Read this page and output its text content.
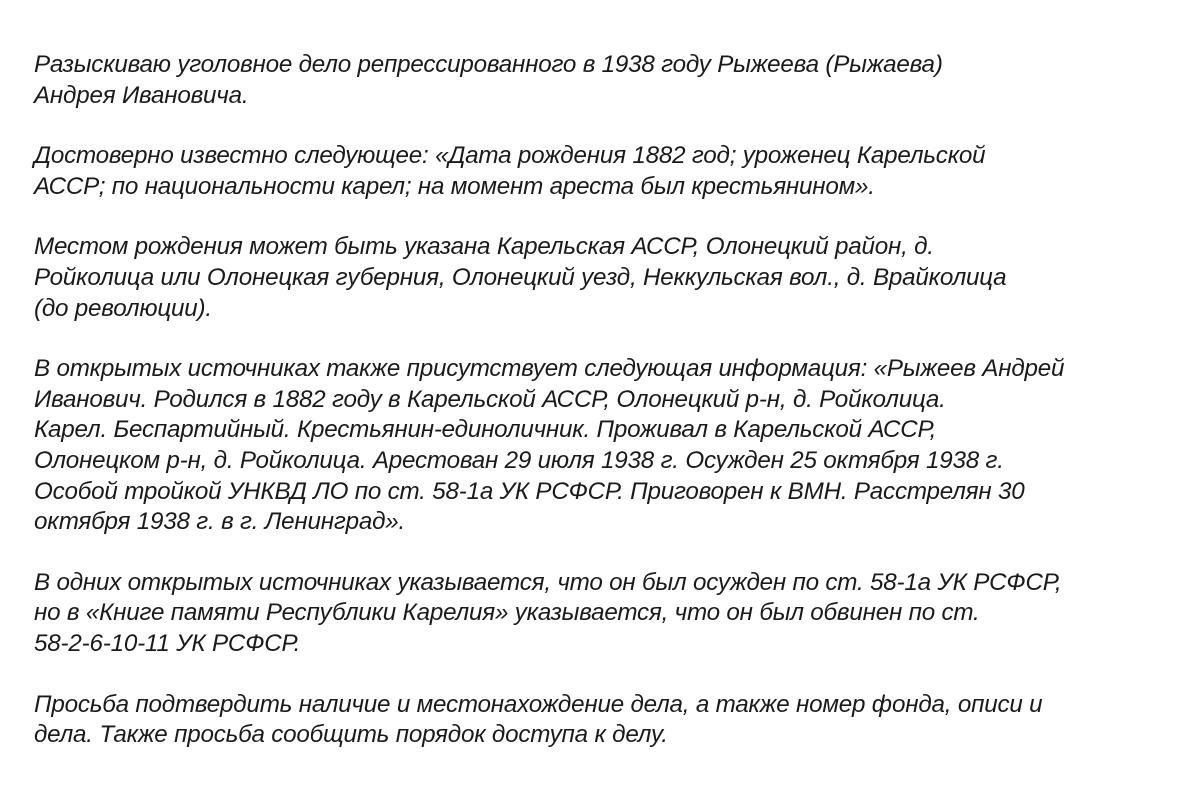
Разыскиваю уголовное дело репрессированного в 1938 году Рыжеева (Рыжаева)
Андрея Ивановича.

Достоверно известно следующее: «Дата рождения 1882 год; уроженец Карельской
АССР; по национальности карел; на момент ареста был крестьянином».

Местом рождения может быть указана Карельская АССР, Олонецкий район, д.
Ройколица или Олонецкая губерния, Олонецкий уезд, Неккульская вол., д. Врайколица
(до революции).

В открытых источниках также присутствует следующая информация: «Рыжеев Андрей
Иванович. Родился в 1882 году в Карельской АССР, Олонецкий р-н, д. Ройколица.
Карел. Беспартийный. Крестьянин-единоличник. Проживал в Карельской АССР,
Олонецком р-н, д. Ройколица. Арестован 29 июля 1938 г. Осужден 25 октября 1938 г.
Особой тройкой УНКВД ЛО по ст. 58-1а УК РСФСР. Приговорен к ВМН. Расстрелян 30
октября 1938 г. в г. Ленинград».

В одних открытых источниках указывается, что он был осужден по ст. 58-1а УК РСФСР,
но в «Книге памяти Республики Карелия» указывается, что он был обвинен по ст.
58-2-6-10-11 УК РСФСР.

Просьба подтвердить наличие и местонахождение дела, а также номер фонда, описи и
дела. Также просьба сообщить порядок доступа к делу.
